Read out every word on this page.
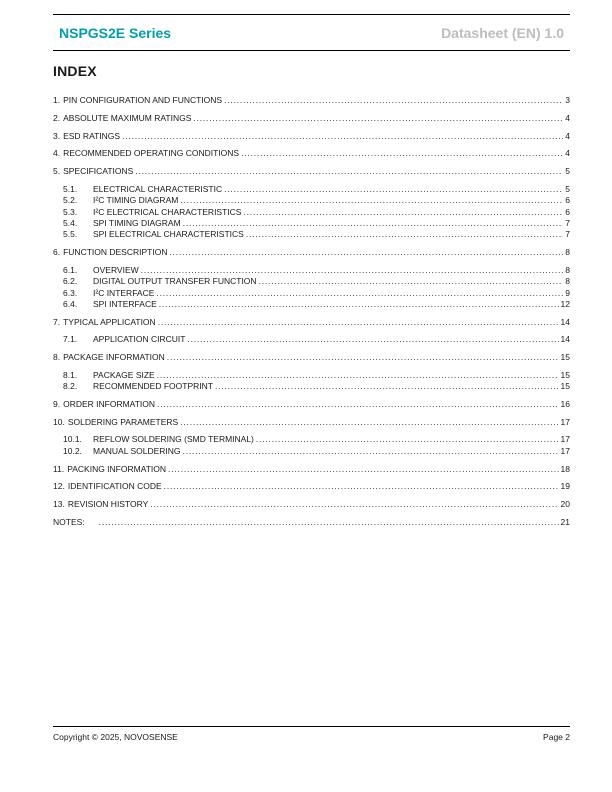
NSPGS2E Series	Datasheet (EN) 1.0
INDEX
1. PIN CONFIGURATION AND FUNCTIONS .....	3
2. ABSOLUTE MAXIMUM RATINGS .....	4
3. ESD RATINGS .....	4
4. RECOMMENDED OPERATING CONDITIONS .....	4
5. SPECIFICATIONS .....	5
5.1.	ELECTRICAL CHARACTERISTIC .....	5
5.2.	I²C TIMING DIAGRAM .....	6
5.3.	I²C ELECTRICAL CHARACTERISTICS .....	6
5.4.	SPI TIMING DIAGRAM .....	7
5.5.	SPI ELECTRICAL CHARACTERISTICS .....	7
6. FUNCTION DESCRIPTION .....	8
6.1.	OVERVIEW .....	8
6.2.	DIGITAL OUTPUT TRANSFER FUNCTION .....	8
6.3.	I²C INTERFACE .....	9
6.4.	SPI INTERFACE .....	12
7. TYPICAL APPLICATION .....	14
7.1.	APPLICATION CIRCUIT .....	14
8. PACKAGE INFORMATION .....	15
8.1.	PACKAGE SIZE .....	15
8.2.	RECOMMENDED FOOTPRINT .....	15
9. ORDER INFORMATION .....	16
10. SOLDERING PARAMETERS .....	17
10.1.	REFLOW SOLDERING (SMD TERMINAL) .....	17
10.2.	MANUAL SOLDERING .....	17
11. PACKING INFORMATION .....	18
12. IDENTIFICATION CODE .....	19
13. REVISION HISTORY .....	20
NOTES: .....	21
Copyright © 2025, NOVOSENSE	Page 2
